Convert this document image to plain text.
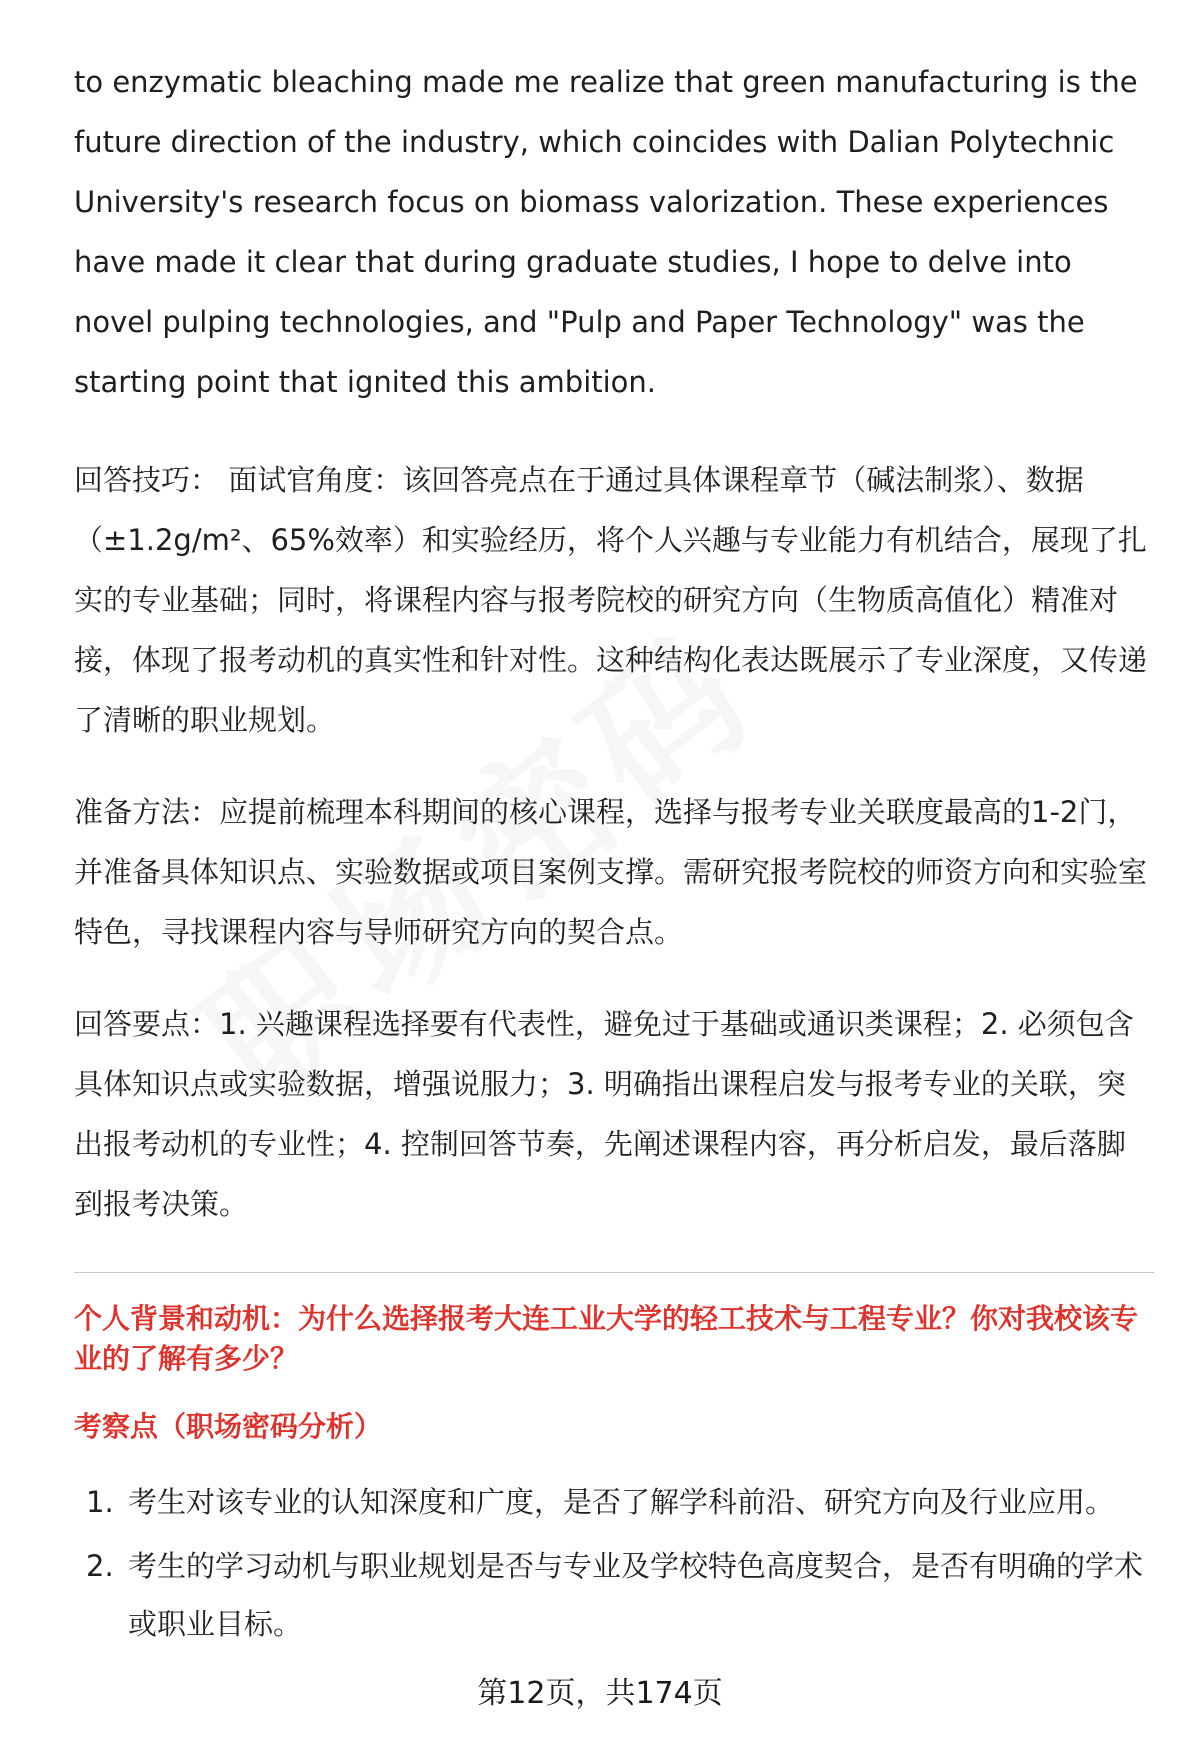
to enzymatic bleaching made me realize that green manufacturing is the future direction of the industry, which coincides with Dalian Polytechnic University's research focus on biomass valorization. These experiences have made it clear that during graduate studies, I hope to delve into novel pulping technologies, and "Pulp and Paper Technology" was the starting point that ignited this ambition.

回答技巧： 面试官角度：该回答亮点在于通过具体课程章节（碱法制浆）、数据（±1.2g/m²、65%效率）和实验经历，将个人兴趣与专业能力有机结合，展现了扎实的专业基础；同时，将课程内容与报考院校的研究方向（生物质高值化）精准对接，体现了报考动机的真实性和针对性。这种结构化表达既展示了专业深度，又传递了清晰的职业规划。

准备方法：应提前梳理本科期间的核心课程，选择与报考专业关联度最高的1-2门，并准备具体知识点、实验数据或项目案例支撑。需研究报考院校的师资方向和实验室特色，寻找课程内容与导师研究方向的契合点。

回答要点：1. 兴趣课程选择要有代表性，避免过于基础或通识类课程；2. 必须包含具体知识点或实验数据，增强说服力；3. 明确指出课程启发与报考专业的关联，突出报考动机的专业性；4. 控制回答节奏，先阐述课程内容，再分析启发，最后落脚到报考决策。

个人背景和动机：为什么选择报考大连工业大学的轻工技术与工程专业？你对我校该专业的了解有多少？
考察点（职场密码分析）
1. 考生对该专业的认知深度和广度，是否了解学科前沿、研究方向及行业应用。
2. 考生的学习动机与职业规划是否与专业及学校特色高度契合，是否有明确的学术或职业目标。
第12页，共174页
